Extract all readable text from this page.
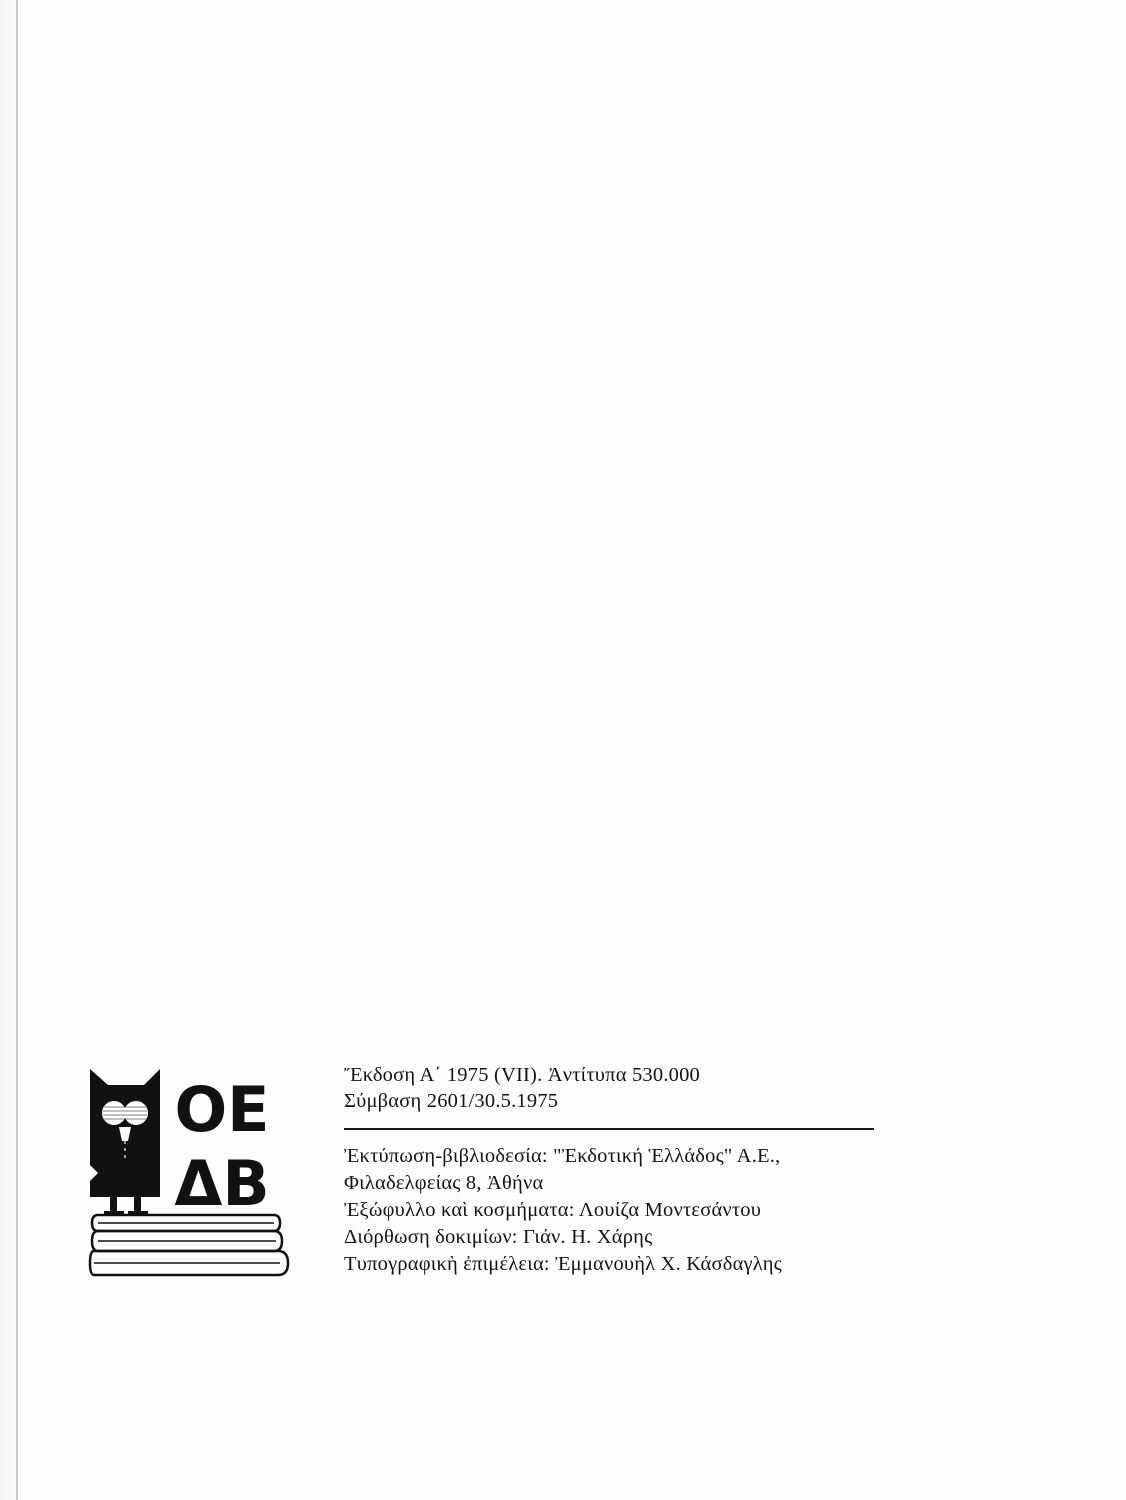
ΟΕ
ΔΒ
Ἔκδοση Α΄ 1975 (VII). Ἀντίτυπα 530.000
Σύμβαση 2601/30.5.1975
Ἐκτύπωση-βιβλιοδεσία: "Ἐκδοτική Ἑλλάδος" Α.Ε.,
Φιλαδελφείας 8, Ἀθήνα
Ἐξώφυλλο καὶ κοσμήματα: Λουίζα Μοντεσάντου
Διόρθωση δοκιμίων: Γιάν. Η. Χάρης
Τυπογραφικὴ ἐπιμέλεια: Ἐμμανουὴλ Χ. Κάσδαγλης
